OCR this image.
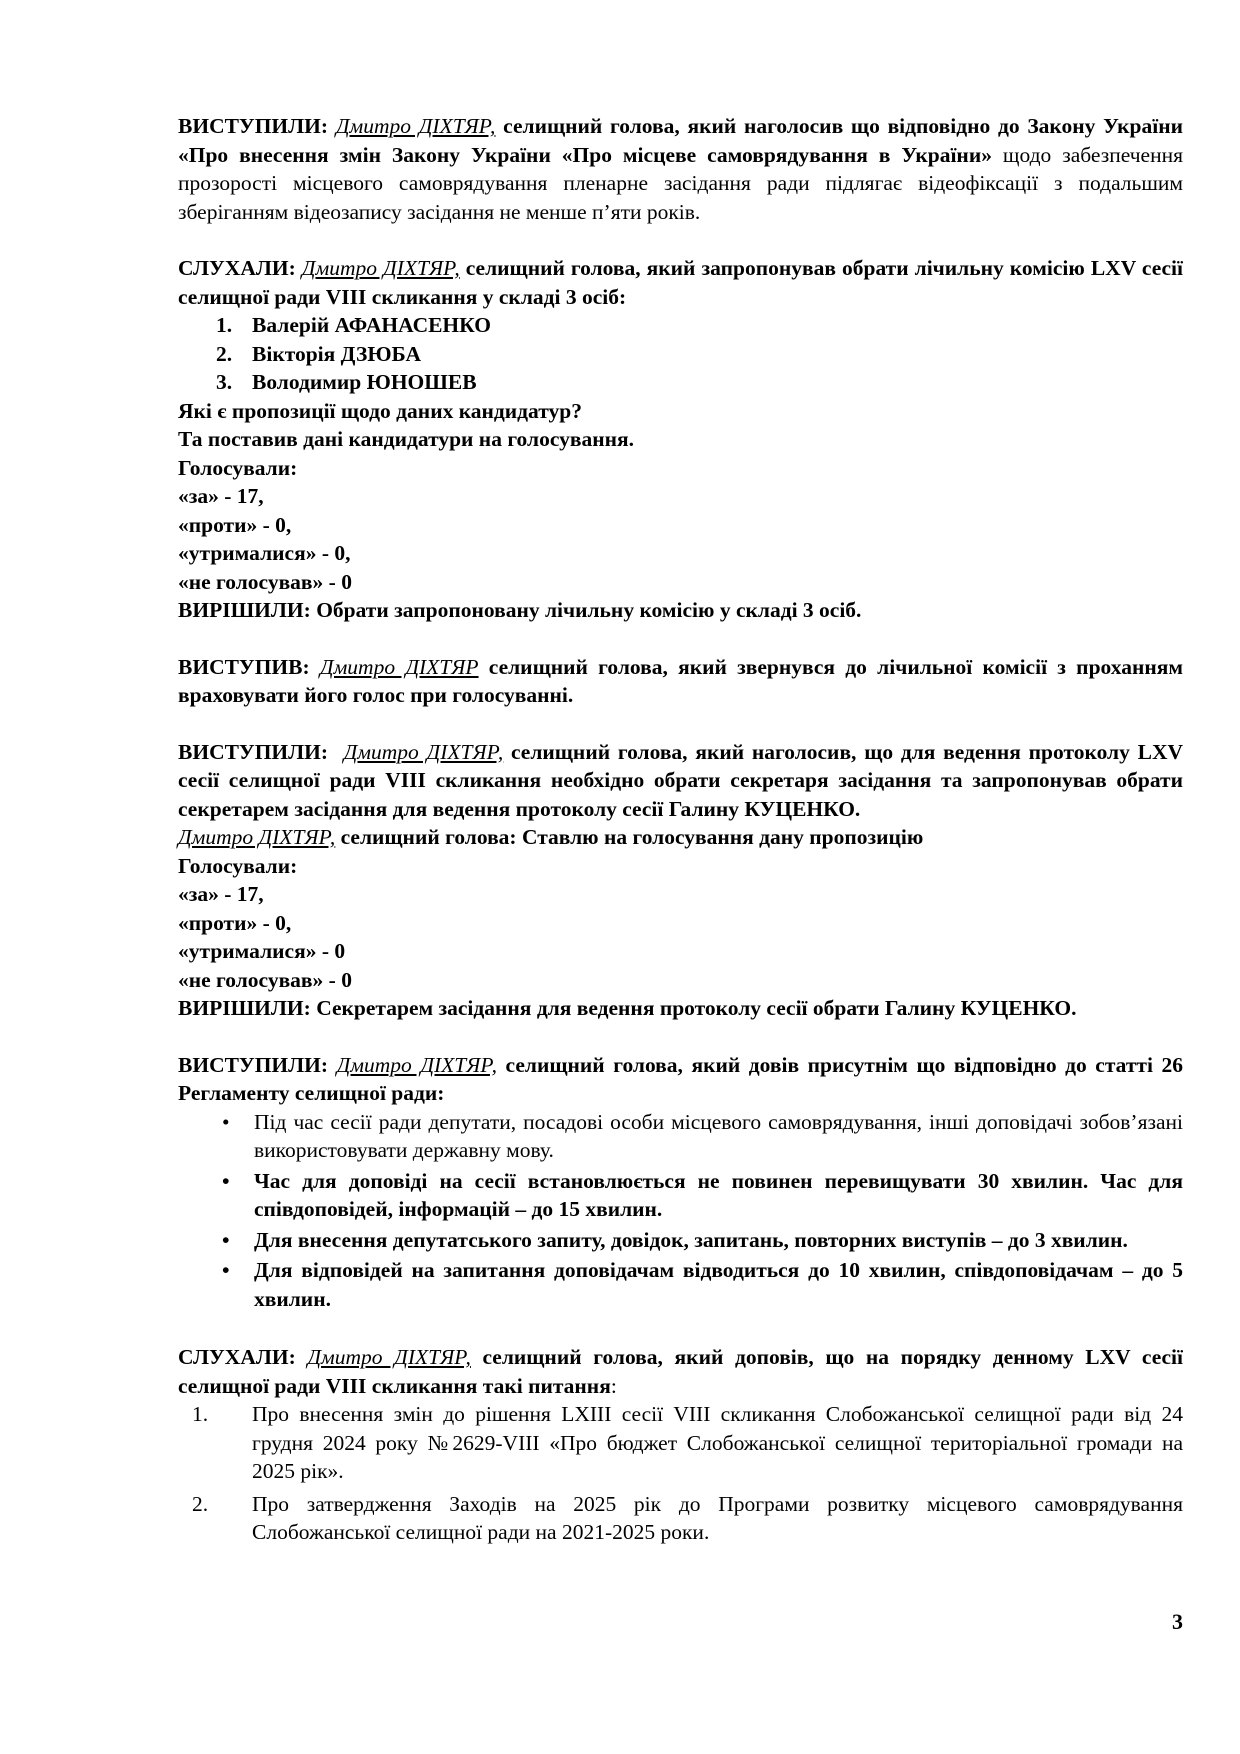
ВИСТУПИЛИ: Дмитро ДІХТЯР, селищний голова, який наголосив що відповідно до Закону України «Про внесення змін Закону України «Про місцеве самоврядування в України» щодо забезпечення прозорості місцевого самоврядування пленарне засідання ради підлягає відеофіксації з подальшим зберіганням відеозапису засідання не менше п’яти років.

СЛУХАЛИ: Дмитро ДІХТЯР, селищний голова, який запропонував обрати лічильну комісію LXV сесії селищної ради VIII скликання у складі 3 осіб:

1. Валерій АФАНАСЕНКО
2. Вікторія ДЗЮБА
3. Володимир ЮНОШЕВ
Які є пропозиції щодо даних кандидатур?
Та поставив дані кандидатури на голосування.
Голосували:
«за» - 17,
«проти» - 0,
«утрималися» - 0,
«не голосував» - 0
ВИРІШИЛИ: Обрати запропоновану лічильну комісію у складі 3 осіб.

ВИСТУПИВ: Дмитро ДІХТЯР селищний голова, який звернувся до лічильної комісії з проханням враховувати його голос при голосуванні.

ВИСТУПИЛИ: Дмитро ДІХТЯР, селищний голова, який наголосив, що для ведення протоколу LXV сесії селищної ради VIII скликання необхідно обрати секретаря засідання та запропонував обрати секретарем засідання для ведення протоколу сесії Галину КУЦЕНКО.

Дмитро ДІХТЯР, селищний голова: Ставлю на голосування дану пропозицію
Голосували:
«за» - 17,
«проти» - 0,
«утрималися» - 0
«не голосував» - 0
ВИРІШИЛИ: Секретарем засідання для ведення протоколу сесії обрати Галину КУЦЕНКО.

ВИСТУПИЛИ: Дмитро ДІХТЯР, селищний голова, який довів присутнім що відповідно до статті 26 Регламенту селищної ради:

• Під час сесії ради депутати, посадові особи місцевого самоврядування, інші доповідачі зобов’язані використовувати державну мову.
• Час для доповіді на сесії встановлюється не повинен перевищувати 30 хвилин. Час для співдоповідей, інформацій – до 15 хвилин.
• Для внесення депутатського запиту, довідок, запитань, повторних виступів – до 3 хвилин.
• Для відповідей на запитання доповідачам відводиться до 10 хвилин, співдоповідачам – до 5 хвилин.

СЛУХАЛИ: Дмитро ДІХТЯР, селищний голова, який доповів, що на порядку денному LXV сесії селищної ради VIII скликання такі питання:

1. Про внесення змін до рішення LXIII сесії VIII скликання Слобожанської селищної ради від 24 грудня 2024 року №2629-VIII «Про бюджет Слобожанської селищної територіальної громади на 2025 рік».
2. Про затвердження Заходів на 2025 рік до Програми розвитку місцевого самоврядування Слобожанської селищної ради на 2021-2025 роки.
3
